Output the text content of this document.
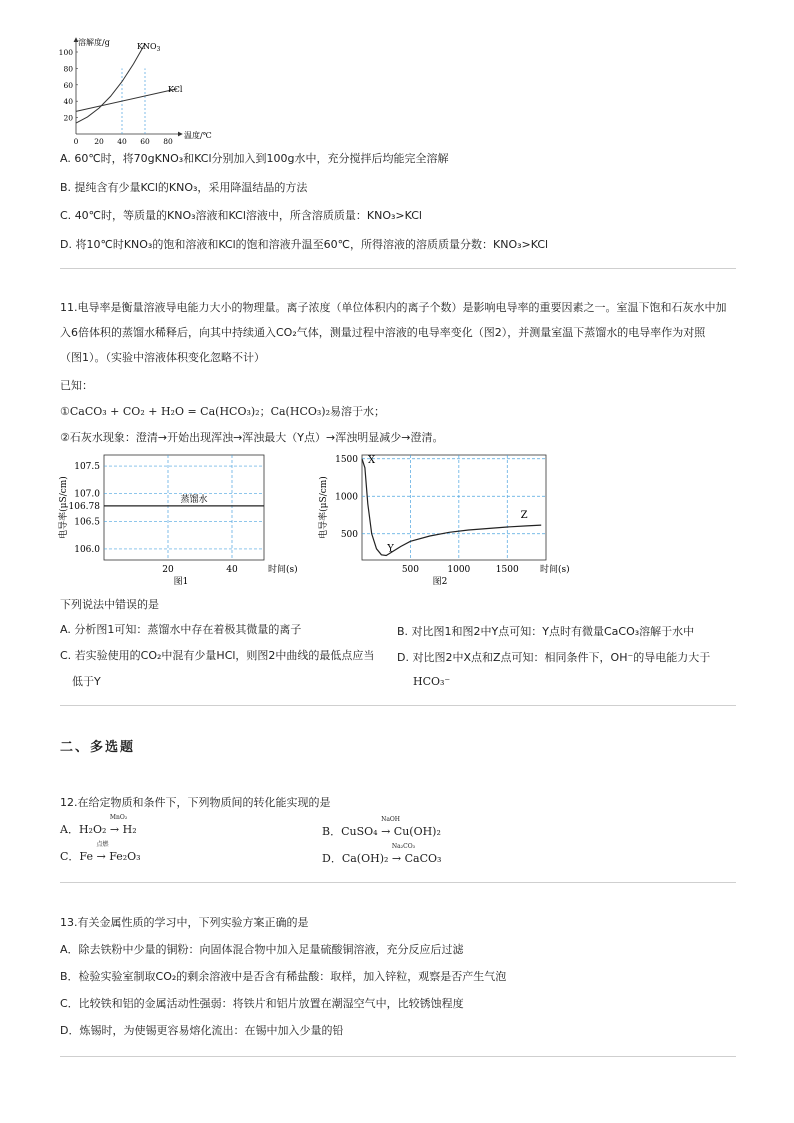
溶解度/g
温度/℃
20
40
60
80
100
0 20 40 60 80
$KNO_3$
KCl
A. 60℃时，将70gKNO₃和KCl分别加入到100g水中，充分搅拌后均能完全溶解
B. 提纯含有少量KCl的KNO₃，采用降温结晶的方法
C. 40℃时，等质量的KNO₃溶液和KCl溶液中，所含溶质质量：KNO₃>KCl
D. 将10℃时KNO₃的饱和溶液和KCl的饱和溶液升温至60℃，所得溶液的溶质质量分数：KNO₃>KCl
11.电导率是衡量溶液导电能力大小的物理量。离子浓度（单位体积内的离子个数）是影响电导率的重要因素之一。室温下饱和石灰水中加
入6倍体积的蒸馏水稀释后，向其中持续通入CO₂气体，测量过程中溶液的电导率变化（图2），并测量室温下蒸馏水的电导率作为对照
（图1）。（实验中溶液体积变化忽略不计）
已知：
①CaCO₃ + CO₂ + H₂O = Ca(HCO₃)₂；Ca(HCO₃)₂易溶于水；
②石灰水现象：澄清→开始出现浑浊→浑浊最大（Y点）→浑浊明显减少→澄清。
20	40
107.5
107.0
106.78
106.5
106.0
蒸馏水
时间(s)
图1
电导率(μS/cm)
1500
1000
500
500	1000	1500
X
Y
Z
时间(s)
图2
电导率(μS/cm)
下列说法中错误的是
A. 分析图1可知：蒸馏水中存在着极其微量的离子	B. 对比图1和图2中Y点可知：Y点时有微量CaCO₃溶解于水中
C. 若实验使用的CO₂中混有少量HCl，则图2中曲线的最低点应当
低于Y
D. 对比图2中X点和Z点可知：相同条件下，OH⁻的导电能力大于
HCO₃⁻
二、多选题
12.在给定物质和条件下，下列物质间的转化能实现的是
A．H₂O₂
MnO₂
→ H₂	B．CuSO₄
NaOH
→ Cu(OH)₂
C．Fe
点燃
→ Fe₂O₃	D．Ca(OH)₂
Na₂CO₃
→ CaCO₃
13.有关金属性质的学习中，下列实验方案正确的是
A．除去铁粉中少量的铜粉：向固体混合物中加入足量硫酸铜溶液，充分反应后过滤
B．检验实验室制取CO₂的剩余溶液中是否含有稀盐酸：取样，加入锌粒，观察是否产生气泡
C．比较铁和铝的金属活动性强弱：将铁片和铝片放置在潮湿空气中，比较锈蚀程度
D．炼锡时，为使锡更容易熔化流出：在锡中加入少量的铅
